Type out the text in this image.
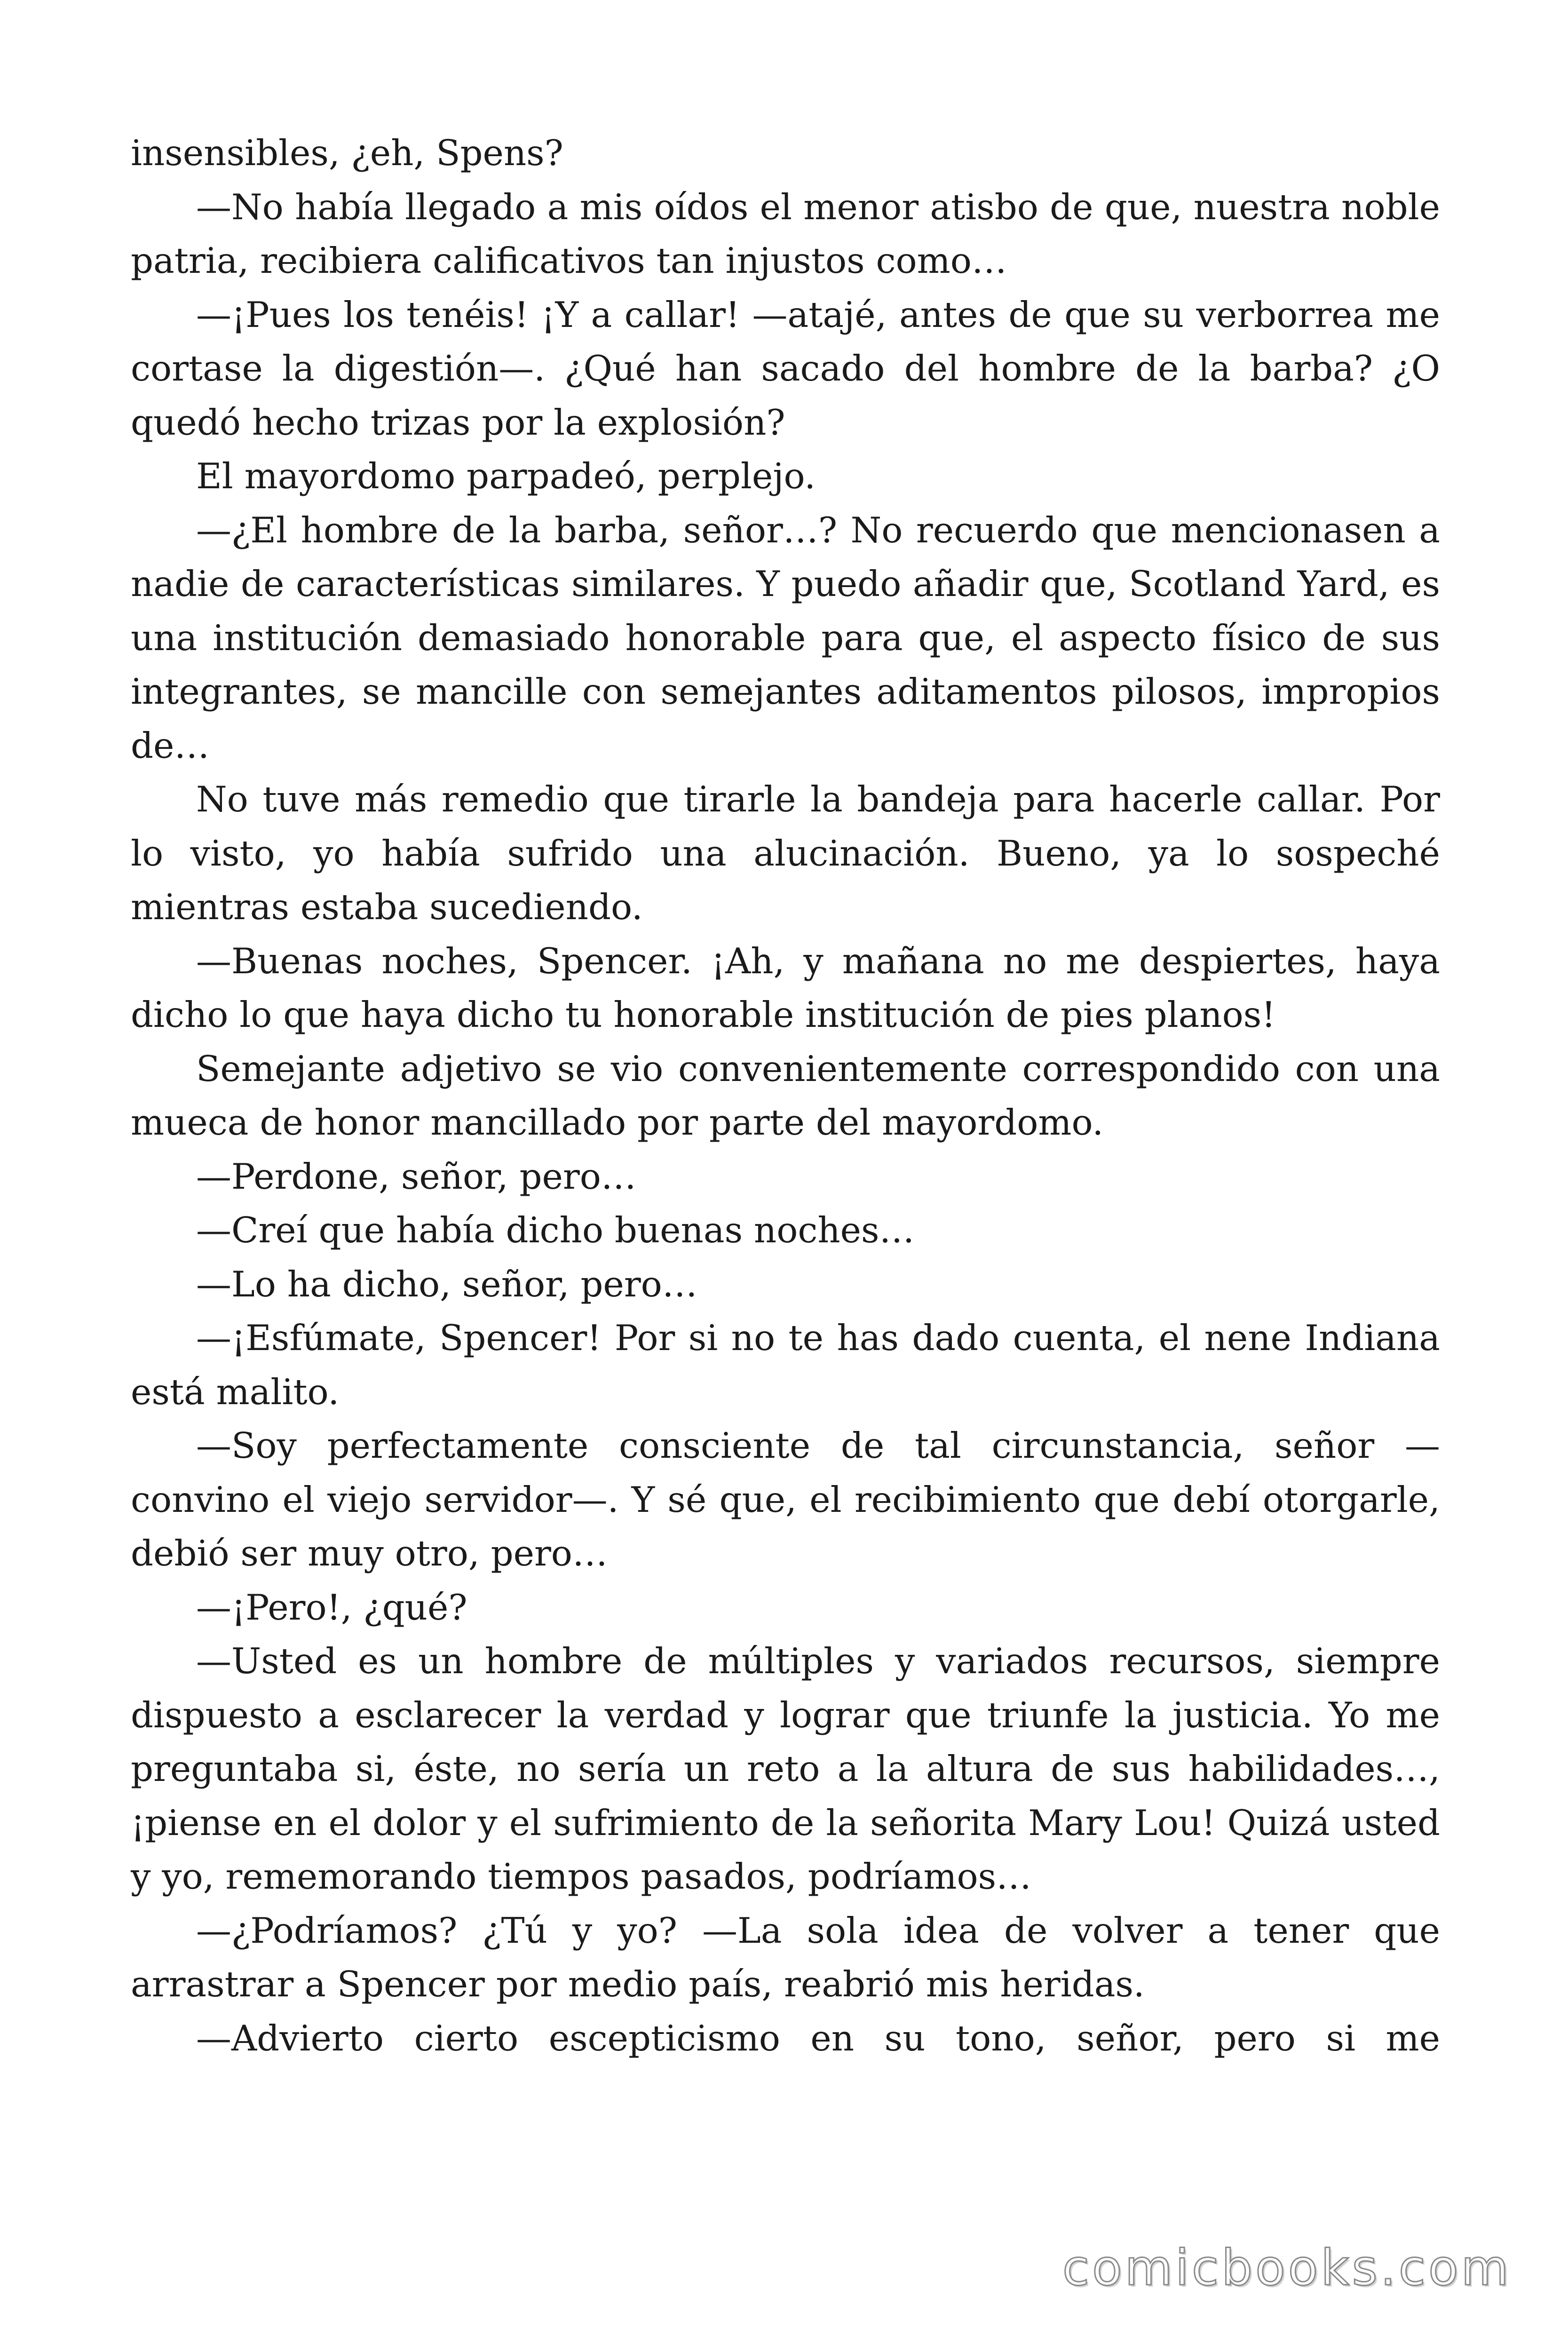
insensibles, ¿eh, Spens?

—No había llegado a mis oídos el menor atisbo de que, nuestra noble patria, recibiera calificativos tan injustos como…

—¡Pues los tenéis! ¡Y a callar! —atajé, antes de que su verborrea me cortase la digestión—. ¿Qué han sacado del hombre de la barba? ¿O quedó hecho trizas por la explosión?

El mayordomo parpadeó, perplejo.

—¿El hombre de la barba, señor…? No recuerdo que mencionasen a nadie de características similares. Y puedo añadir que, Scotland Yard, es una institución demasiado honorable para que, el aspecto físico de sus integrantes, se mancille con semejantes aditamentos pilosos, impropios de…

No tuve más remedio que tirarle la bandeja para hacerle callar. Por lo visto, yo había sufrido una alucinación. Bueno, ya lo sospeché mientras estaba sucediendo.

—Buenas noches, Spencer. ¡Ah, y mañana no me despiertes, haya dicho lo que haya dicho tu honorable institución de pies planos!

Semejante adjetivo se vio convenientemente correspondido con una mueca de honor mancillado por parte del mayordomo.

—Perdone, señor, pero…

—Creí que había dicho buenas noches…

—Lo ha dicho, señor, pero…

—¡Esfúmate, Spencer! Por si no te has dado cuenta, el nene Indiana está malito.

—Soy perfectamente consciente de tal circunstancia, señor —convino el viejo servidor—. Y sé que, el recibimiento que debí otorgarle, debió ser muy otro, pero…

—¡Pero!, ¿qué?

—Usted es un hombre de múltiples y variados recursos, siempre dispuesto a esclarecer la verdad y lograr que triunfe la justicia. Yo me preguntaba si, éste, no sería un reto a la altura de sus habilidades…, ¡piense en el dolor y el sufrimiento de la señorita Mary Lou! Quizá usted y yo, rememorando tiempos pasados, podríamos…

—¿Podríamos? ¿Tú y yo? —La sola idea de volver a tener que arrastrar a Spencer por medio país, reabrió mis heridas.

—Advierto cierto escepticismo en su tono, señor, pero si me

comicbooks.com
